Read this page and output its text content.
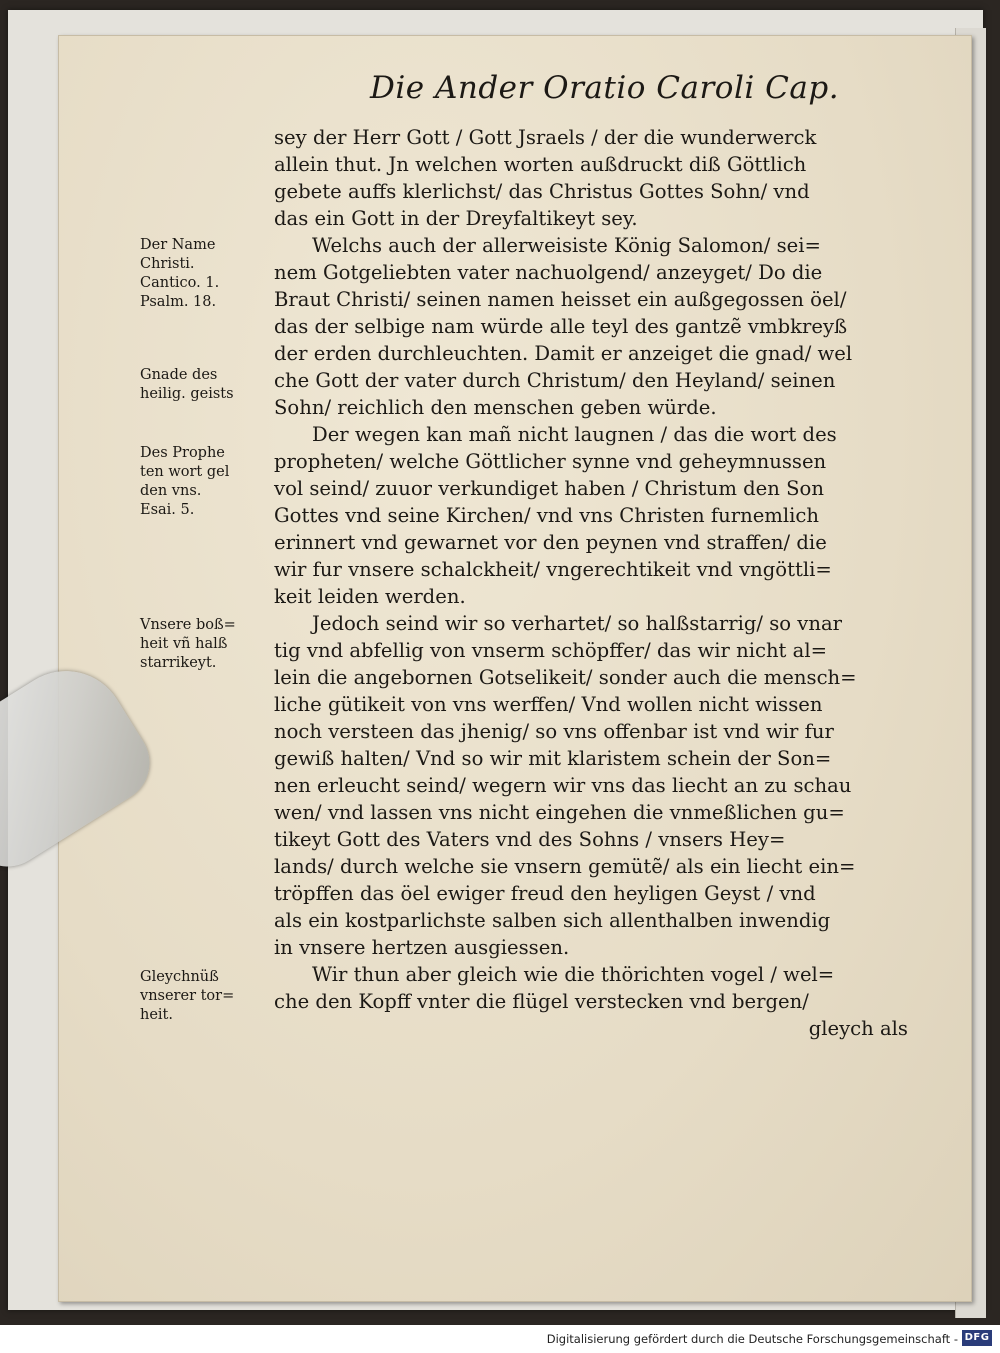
Die Ander Oratio Caroli Cap.
sey der Herr Gott / Gott Jsraels / der die wunderwerck
allein thut. Jn welchen worten außdruckt diß Göttlich
gebete auffs klerlichst/ das Christus Gottes Sohn/ vnd
das ein Gott in der Dreyfaltikeyt sey.
Welchs auch der allerweisiste König Salomon/ sei=
nem Gotgeliebten vater nachuolgend/ anzeyget/ Do die
Braut Christi/ seinen namen heisset ein außgegossen öel/
das der selbige nam würde alle teyl des gantzẽ vmbkreyß
der erden durchleuchten. Damit er anzeiget die gnad/ wel
che Gott der vater durch Christum/ den Heyland/ seinen
Sohn/ reichlich den menschen geben würde.
Der wegen kan mañ nicht laugnen / das die wort des
propheten/ welche Göttlicher synne vnd geheymnussen
vol seind/ zuuor verkundiget haben / Christum den Son
Gottes vnd seine Kirchen/ vnd vns Christen furnemlich
erinnert vnd gewarnet vor den peynen vnd straffen/ die
wir fur vnsere schalckheit/ vngerechtikeit vnd vngöttli=
keit leiden werden.
Jedoch seind wir so verhartet/ so halßstarrig/ so vnar
tig vnd abfellig von vnserm schöpffer/ das wir nicht al=
lein die angebornen Gotselikeit/ sonder auch die mensch=
liche gütikeit von vns werffen/ Vnd wollen nicht wissen
noch versteen das jhenig/ so vns offenbar ist vnd wir fur
gewiß halten/ Vnd so wir mit klaristem schein der Son=
nen erleucht seind/ wegern wir vns das liecht an zu schau
wen/ vnd lassen vns nicht eingehen die vnmeßlichen gu=
tikeyt Gott des Vaters vnd des Sohns / vnsers Hey=
lands/ durch welche sie vnsern gemütẽ/ als ein liecht ein=
tröpffen das öel ewiger freud den heyligen Geyst / vnd
als ein kostparlichste salben sich allenthalben inwendig
in vnsere hertzen ausgiessen.
Wir thun aber gleich wie die thörichten vogel / wel=
che den Kopff vnter die flügel verstecken vnd bergen/
gleych als
Der Name
Christi.
Cantico. 1.
Psalm. 18.
Gnade des
heilig. geists
Des Prophe
ten wort gel
den vns.
Esai. 5.
Vnsere boß=
heit vñ halß
starrikeyt.
Gleychnüß
vnserer tor=
heit.
Digitalisierung gefördert durch die Deutsche Forschungsgemeinschaft - DFG
